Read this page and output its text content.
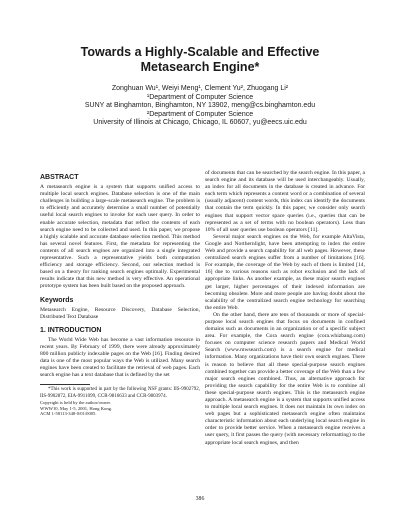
Towards a Highly-Scalable and Effective
Metasearch Engine*
Zonghuan Wu¹, Weiyi Meng¹, Clement Yu², Zhuogang Li²
¹Department of Computer Science
SUNY at Binghamton, Binghamton, NY 13902, meng@cs.binghamton.edu
²Department of Computer Science
University of Illinois at Chicago, Chicago, IL 60607, yu@eecs.uic.edu
ABSTRACT

A metasearch engine is a system that supports unified access to multiple local search engines. Database selection is one of the main challenges in building a large-scale metasearch engine. The problem is to efficiently and accurately determine a small number of potentially useful local search engines to invoke for each user query. In order to enable accurate selection, metadata that reflect the contents of each search engine need to be collected and used. In this paper, we propose a highly scalable and accurate database selection method. This method has several novel features. First, the metadata for representing the contents of all search engines are organized into a single integrated representative. Such a representative yields both computation efficiency and storage efficiency. Second, our selection method is based on a theory for ranking search engines optimally. Experimental results indicate that this new method is very effective. An operational prototype system has been built based on the proposed approach.

Keywords

Metasearch Engine, Resource Discovery, Database Selection, Distributed Text Database

1. INTRODUCTION

The World Wide Web has become a vast information resource in recent years. By February of 1999, there were already approximately 800 million publicly indexable pages on the Web [16]. Finding desired data is one of the most popular ways the Web is utilized. Many search engines have been created to facilitate the retrieval of web pages. Each search engine has a text database that is defined by the set

*This work is supported in part by the following NSF grants: IIS-9902792, IIS-9902872, EIA-9911099, CCR-9816633 and CCR-9803974.

Copyright is held by the author/owner.
WWW10, May 1-5, 2001, Hong Kong.
ACM 1-58113-348-0/01/0005.

of documents that can be searched by the search engine. In this paper, a search engine and its database will be used interchangeably. Usually, an index for all documents in the database is created in advance. For each term which represents a content word or a combination of several (usually adjacent) content words, this index can identify the documents that contain the term quickly. In this paper, we consider only search engines that support vector space queries (i.e., queries that can be represented as a set of terms with no boolean operators). Less than 10% of all user queries use boolean operators [11].

Several major search engines on the Web, for example AltaVista, Google and Northernlight, have been attempting to index the entire Web and provide a search capability for all web pages. However, these centralized search engines suffer from a number of limitations [16]. For example, the coverage of the Web by each of them is limited [14, 16] due to various reasons such as robot exclusion and the lack of appropriate links. As another example, as these major search engines get larger, higher percentages of their indexed information are becoming obsolete. More and more people are having doubt about the scalability of the centralized search engine technology for searching the entire Web.

On the other hand, there are tens of thousands or more of special-purpose local search engines that focus on documents in confined domains such as documents in an organization or of a specific subject area. For example, the Cora search engine (cora.whizbang.com) focuses on computer science research papers and Medical World Search (www.mwsearch.com) is a search engine for medical information. Many organizations have their own search engines. There is reason to believe that all these special-purpose search engines combined together can provide a better coverage of the Web than a few major search engines combined. Thus, an alternative approach for providing the search capability for the entire Web is to combine all these special-purpose search engines. This is the metasearch engine approach. A metasearch engine is a system that supports unified access to multiple local search engines. It does not maintain its own index on web pages but a sophisticated metasearch engine often maintains characteristic information about each underlying local search engine in order to provide better service. When a metasearch engine receives a user query, it first passes the query (with necessary reformatting) to the appropriate local search engines, and then

386
